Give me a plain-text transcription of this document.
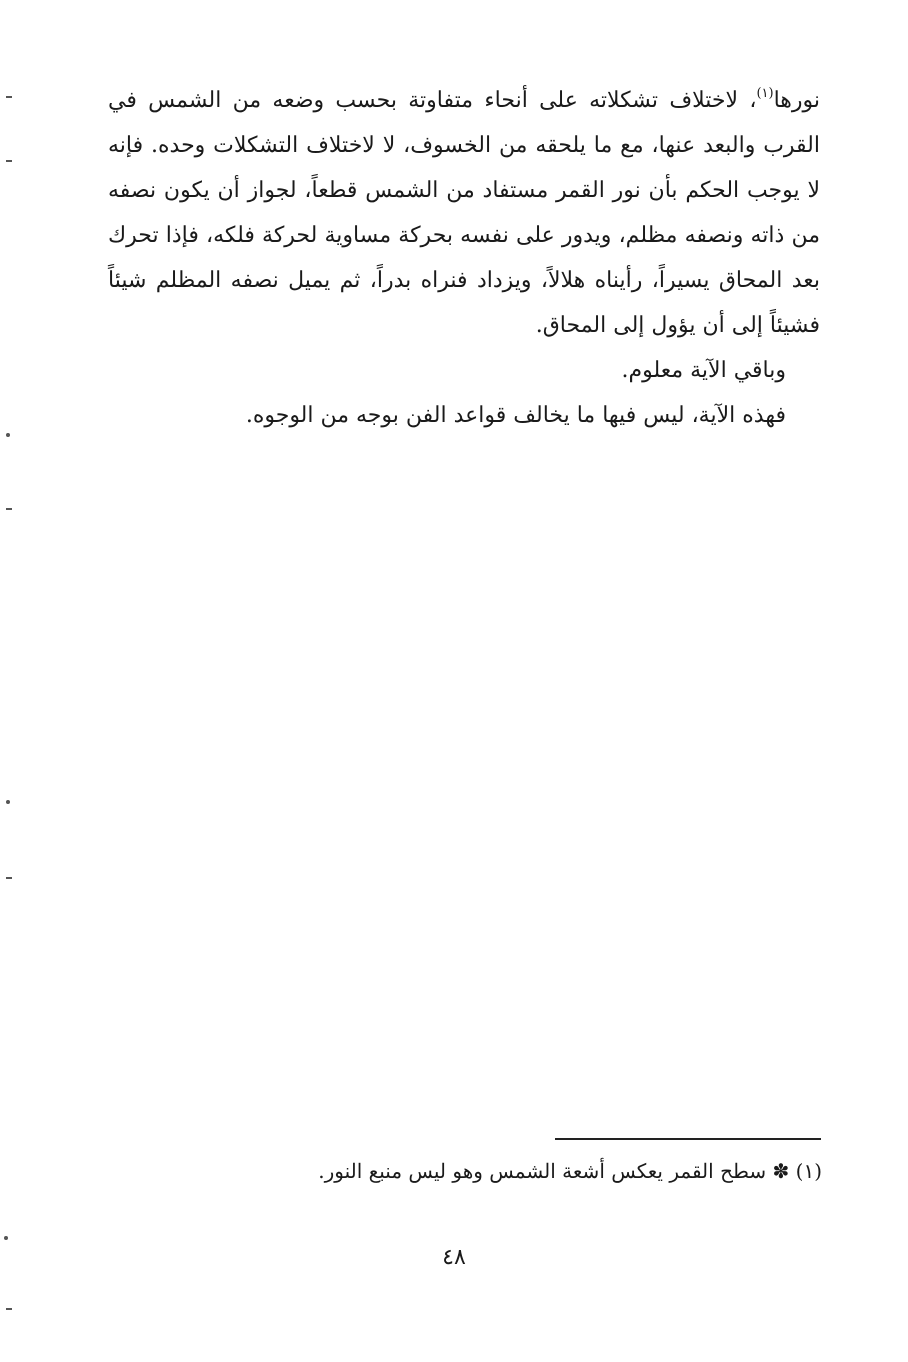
نورها$^{(١)}$، لاختلاف تشكلاته على أنحاء متفاوتة بحسب وضعه من الشمس في القرب والبعد عنها، مع ما يلحقه من الخسوف، لا لاختلاف التشكلات وحده. فإنه لا يوجب الحكم بأن نور القمر مستفاد من الشمس قطعاً، لجواز أن يكون نصفه من ذاته ونصفه مظلم، ويدور على نفسه بحركة مساوية لحركة فلكه، فإذا تحرك بعد المحاق يسيراً، رأيناه هلالاً، ويزداد فنراه بدراً، ثم يميل نصفه المظلم شيئاً فشيئاً إلى أن يؤول إلى المحاق.

وباقي الآية معلوم.

فهذه الآية، ليس فيها ما يخالف قواعد الفن بوجه من الوجوه.

(١) ✽ سطح القمر يعكس أشعة الشمس وهو ليس منبع النور.
٤٨
